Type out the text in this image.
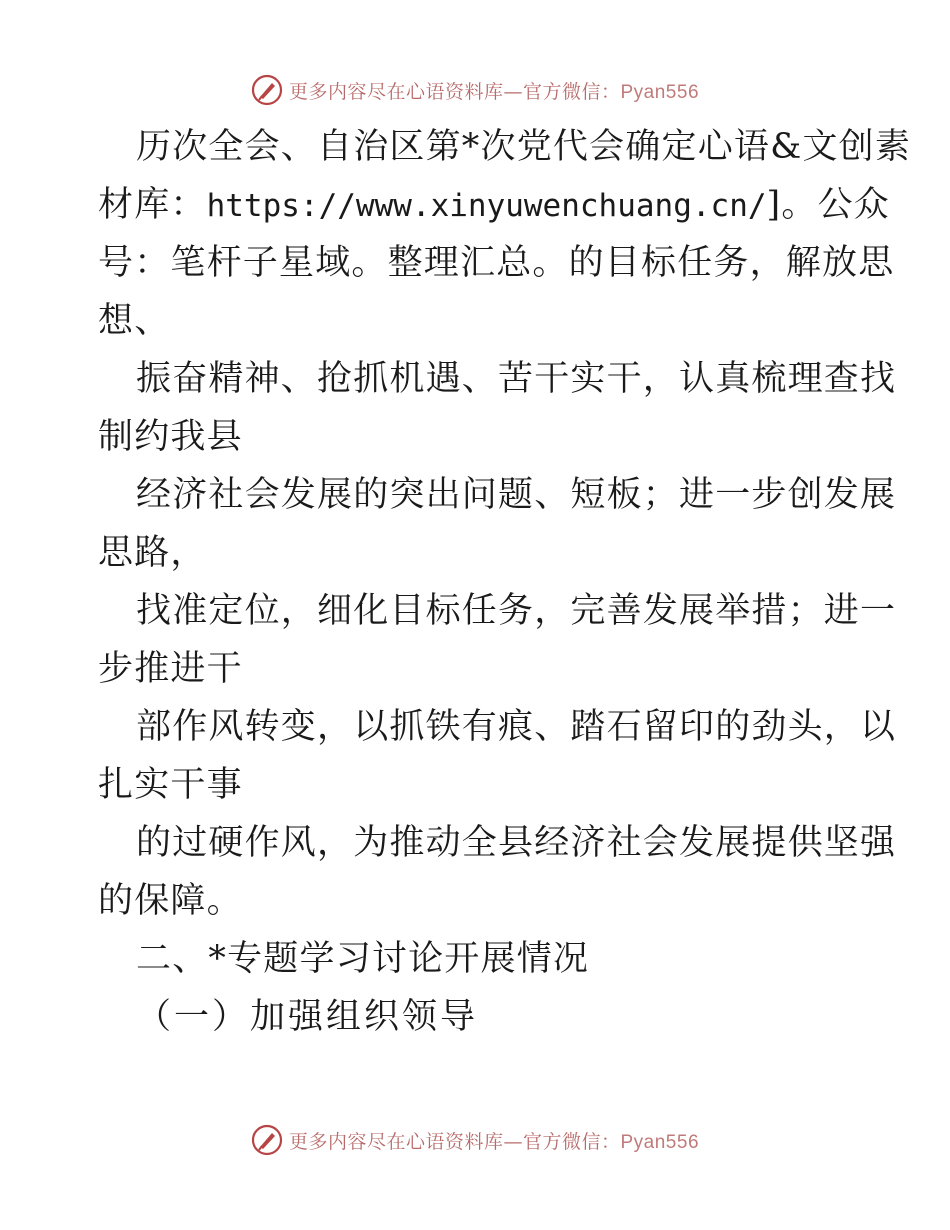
更多内容尽在心语资料库—官方微信：Pyan556
历次全会、自治区第*次党代会确定心语&文创素
材库：https://www.xinyuwenchuang.cn/]。公众
号：笔杆子星域。整理汇总。的目标任务，解放思
想、
振奋精神、抢抓机遇、苦干实干，认真梳理查找
制约我县
经济社会发展的突出问题、短板；进一步创发展
思路，
找准定位，细化目标任务，完善发展举措；进一
步推进干
部作风转变，以抓铁有痕、踏石留印的劲头，以
扎实干事
的过硬作风，为推动全县经济社会发展提供坚强
的保障。
二、*专题学习讨论开展情况
（一）加强组织领导
更多内容尽在心语资料库—官方微信：Pyan556
